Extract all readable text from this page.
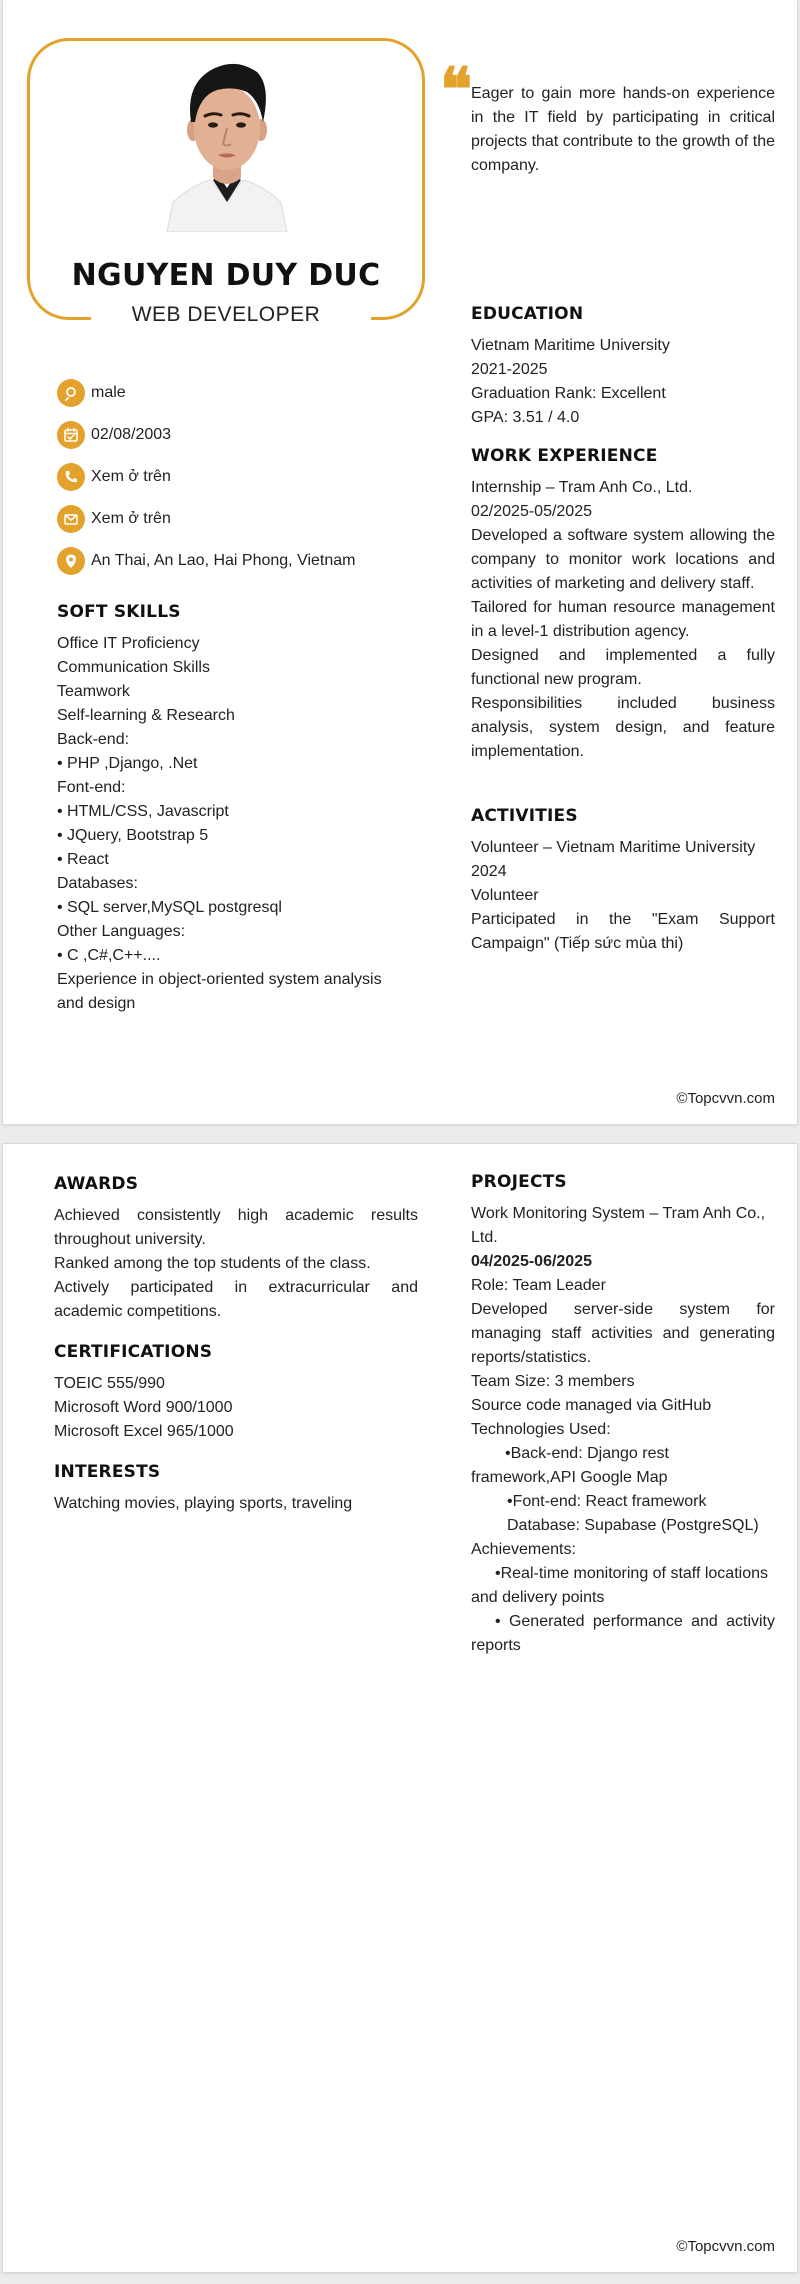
NGUYEN DUY DUC
WEB DEVELOPER
❝

Eager to gain more hands-on experience in the IT field by participating in critical projects that contribute to the growth of the company.

male
02/08/2003
Xem ở trên
Xem ở trên
An Thai, An Lao, Hai Phong, Vietnam
SOFT SKILLS

Office IT Proficiency

Communication Skills

Teamwork

Self-learning & Research

Back-end:

• PHP ,Django, .Net

Font-end:

• HTML/CSS, Javascript

• JQuery, Bootstrap 5

• React

Databases:

• SQL server,MySQL postgresql

Other Languages:

• C ,C#,C++....

Experience in object-oriented system analysis and design

EDUCATION

Vietnam Maritime University

2021-2025

Graduation Rank: Excellent

GPA: 3.51 / 4.0

WORK EXPERIENCE

Internship – Tram Anh Co., Ltd.

02/2025-05/2025

Developed a software system allowing the company to monitor work locations and activities of marketing and delivery staff.

Tailored for human resource management in a level-1 distribution agency.

Designed and implemented a fully functional new program.

Responsibilities included business analysis, system design, and feature implementation.

ACTIVITIES

Volunteer – Vietnam Maritime University

2024

Volunteer

Participated in the "Exam Support Campaign" (Tiếp sức mùa thi)

©Topcvvn.com
AWARDS

Achieved consistently high academic results throughout university.

Ranked among the top students of the class.

Actively participated in extracurricular and academic competitions.

CERTIFICATIONS

TOEIC 555/990

Microsoft Word 900/1000

Microsoft Excel 965/1000

INTERESTS

Watching movies, playing sports, traveling

PROJECTS

Work Monitoring System – Tram Anh Co., Ltd.

04/2025-06/2025

Role: Team Leader

Developed server-side system for managing staff activities and generating reports/statistics.

Team Size: 3 members

Source code managed via GitHub

Technologies Used:

•Back-end: Django rest framework,API Google Map

•Font-end: React framework

Database: Supabase (PostgreSQL)

Achievements:

•Real-time monitoring of staff locations and delivery points

• Generated performance and activity reports

©Topcvvn.com
